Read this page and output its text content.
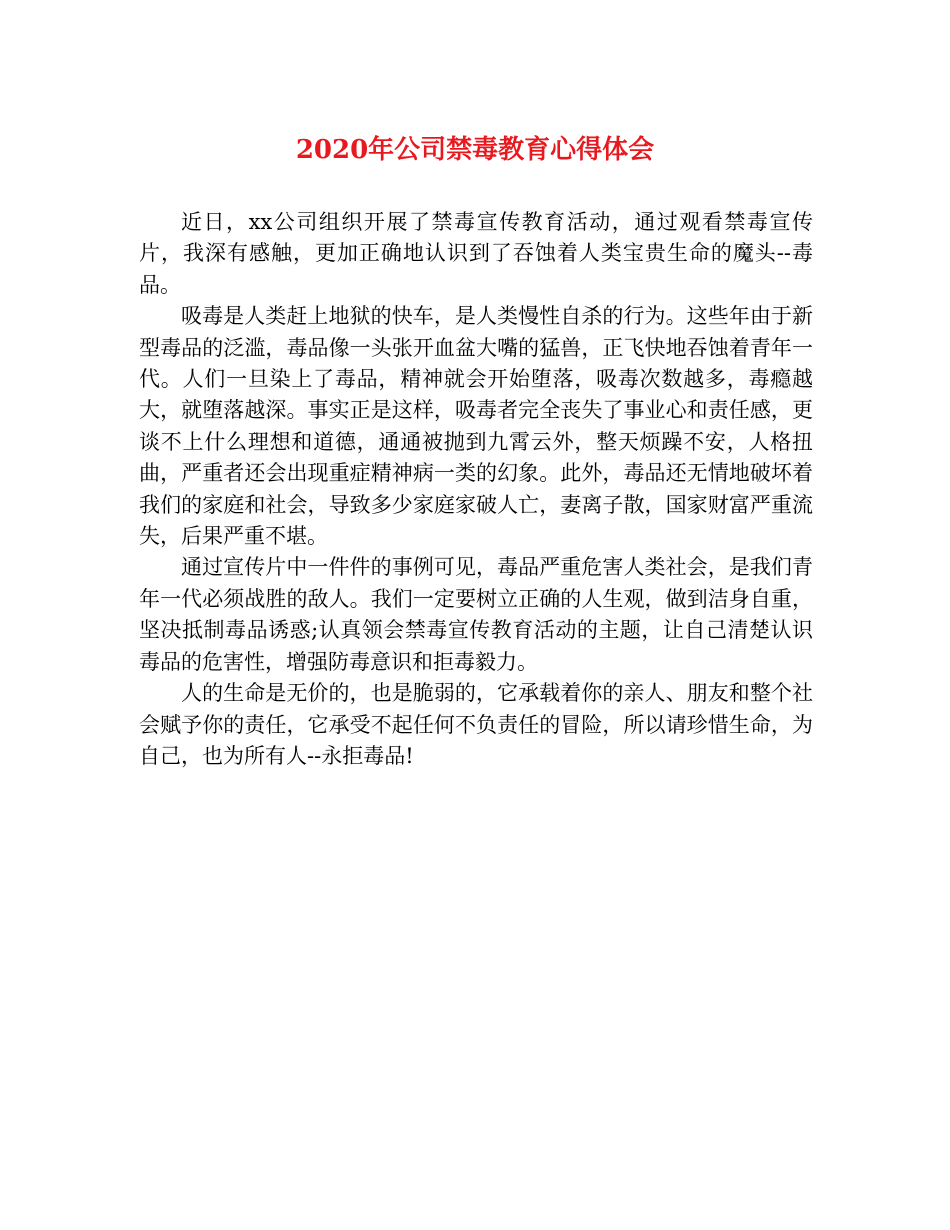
2020年公司禁毒教育心得体会

近日，xx公司组织开展了禁毒宣传教育活动，通过观看禁毒宣传片，我深有感触，更加正确地认识到了吞蚀着人类宝贵生命的魔头--毒品。

吸毒是人类赶上地狱的快车，是人类慢性自杀的行为。这些年由于新型毒品的泛滥，毒品像一头张开血盆大嘴的猛兽，正飞快地吞蚀着青年一代。人们一旦染上了毒品，精神就会开始堕落，吸毒次数越多，毒瘾越大，就堕落越深。事实正是这样，吸毒者完全丧失了事业心和责任感，更谈不上什么理想和道德，通通被抛到九霄云外，整天烦躁不安，人格扭曲，严重者还会出现重症精神病一类的幻象。此外，毒品还无情地破坏着我们的家庭和社会，导致多少家庭家破人亡，妻离子散，国家财富严重流失，后果严重不堪。

通过宣传片中一件件的事例可见，毒品严重危害人类社会，是我们青年一代必须战胜的敌人。我们一定要树立正确的人生观，做到洁身自重，坚决抵制毒品诱惑;认真领会禁毒宣传教育活动的主题，让自己清楚认识毒品的危害性，增强防毒意识和拒毒毅力。

人的生命是无价的，也是脆弱的，它承载着你的亲人、朋友和整个社会赋予你的责任，它承受不起任何不负责任的冒险，所以请珍惜生命，为自己，也为所有人--永拒毒品!
